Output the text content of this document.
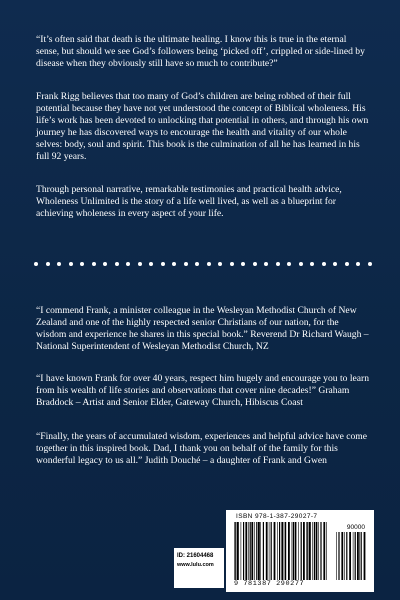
“It’s often said that death is the ultimate healing. I know this is true in the eternal sense, but should we see God’s followers being ‘picked off’, crippled or side-lined by disease when they obviously still have so much to contribute?”

Frank Rigg believes that too many of God’s children are being robbed of their full potential because they have not yet understood the concept of Biblical wholeness. His life’s work has been devoted to unlocking that potential in others, and through his own journey he has discovered ways to encourage the health and vitality of our whole selves: body, soul and spirit. This book is the culmination of all he has learned in his full 92 years.

Through personal narrative, remarkable testimonies and practical health advice, Wholeness Unlimited is the story of a life well lived, as well as a blueprint for achieving wholeness in every aspect of your life.

“I commend Frank, a minister colleague in the Wesleyan Methodist Church of New Zealand and one of the highly respected senior Christians of our nation, for the wisdom and experience he shares in this special book.” Reverend Dr Richard Waugh – National Superintendent of Wesleyan Methodist Church, NZ

“I have known Frank for over 40 years, respect him hugely and encourage you to learn from his wealth of life stories and observations that cover nine decades!” Graham Braddock – Artist and Senior Elder, Gateway Church, Hibiscus Coast

“Finally, the years of accumulated wisdom, experiences and helpful advice have come together in this inspired book. Dad, I thank you on behalf of the family for this wonderful legacy to us all.” Judith Douché – a daughter of Frank and Gwen

ID: 21604468
www.lulu.com
ISBN 978-1-387-29027-7
90000
9 781387 290277
